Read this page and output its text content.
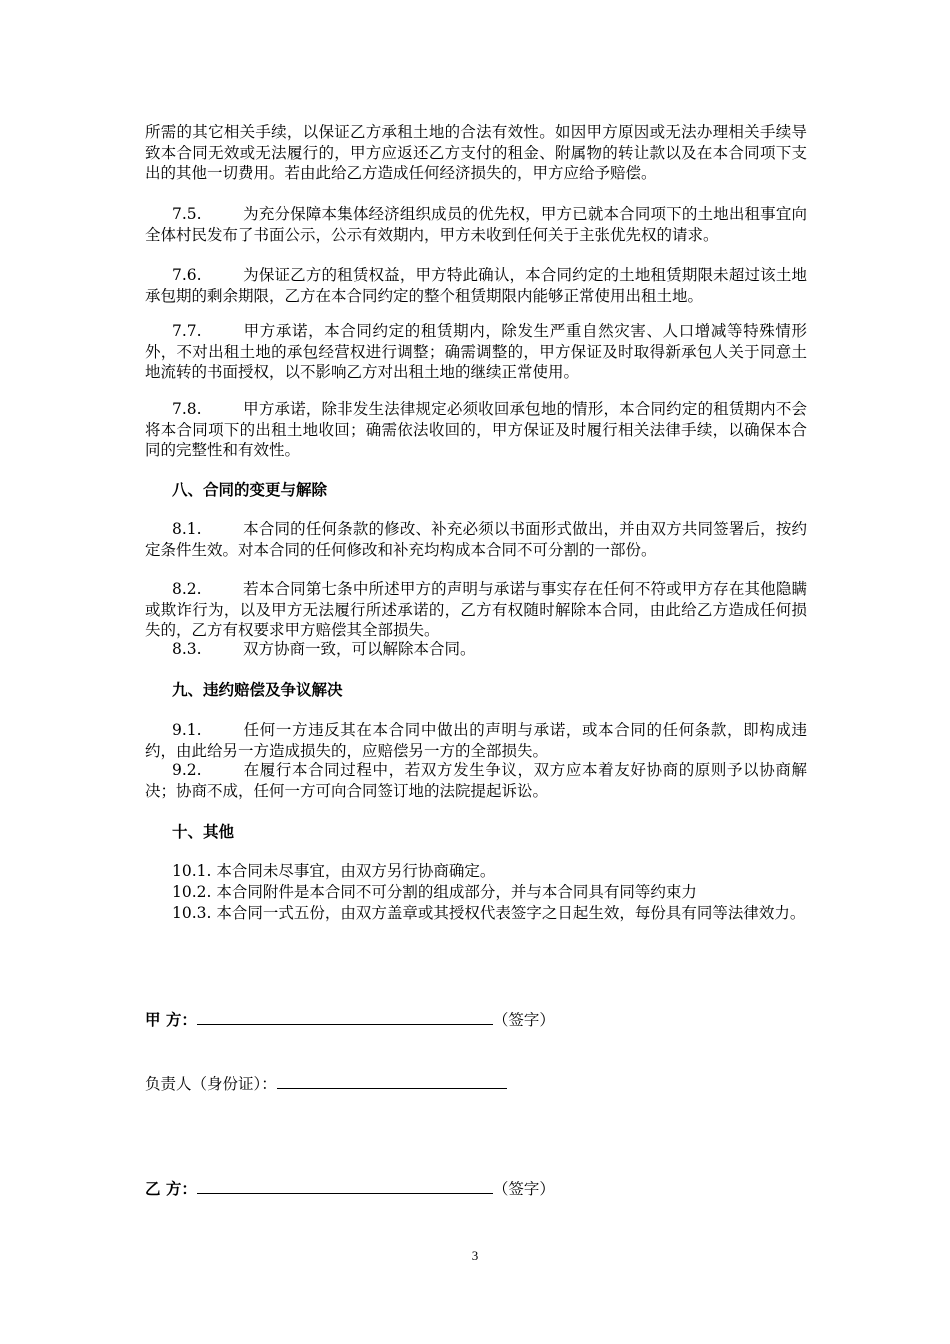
所需的其它相关手续，以保证乙方承租土地的合法有效性。如因甲方原因或无法办理相关手续导致本合同无效或无法履行的，甲方应返还乙方支付的租金、附属物的转让款以及在本合同项下支出的其他一切费用。若由此给乙方造成任何经济损失的，甲方应给予赔偿。

7.5.	为充分保障本集体经济组织成员的优先权，甲方已就本合同项下的土地出租事宜向全体村民发布了书面公示，公示有效期内，甲方未收到任何关于主张优先权的请求。

7.6.	为保证乙方的租赁权益，甲方特此确认，本合同约定的土地租赁期限未超过该土地承包期的剩余期限，乙方在本合同约定的整个租赁期限内能够正常使用出租土地。

7.7.	甲方承诺，本合同约定的租赁期内，除发生严重自然灾害、人口增减等特殊情形外，不对出租土地的承包经营权进行调整；确需调整的，甲方保证及时取得新承包人关于同意土地流转的书面授权，以不影响乙方对出租土地的继续正常使用。

7.8.	甲方承诺，除非发生法律规定必须收回承包地的情形，本合同约定的租赁期内不会将本合同项下的出租土地收回；确需依法收回的，甲方保证及时履行相关法律手续，以确保本合同的完整性和有效性。

八、合同的变更与解除

8.1.	本合同的任何条款的修改、补充必须以书面形式做出，并由双方共同签署后，按约定条件生效。对本合同的任何修改和补充均构成本合同不可分割的一部份。

8.2.	若本合同第七条中所述甲方的声明与承诺与事实存在任何不符或甲方存在其他隐瞒或欺诈行为，以及甲方无法履行所述承诺的，乙方有权随时解除本合同，由此给乙方造成任何损失的，乙方有权要求甲方赔偿其全部损失。

8.3.	双方协商一致，可以解除本合同。

九、违约赔偿及争议解决

9.1.	任何一方违反其在本合同中做出的声明与承诺，或本合同的任何条款，即构成违约，由此给另一方造成损失的，应赔偿另一方的全部损失。

9.2.	在履行本合同过程中，若双方发生争议，双方应本着友好协商的原则予以协商解决；协商不成，任何一方可向合同签订地的法院提起诉讼。

十、其他

10.1. 本合同未尽事宜，由双方另行协商确定。

10.2. 本合同附件是本合同不可分割的组成部分，并与本合同具有同等约束力

10.3. 本合同一式五份，由双方盖章或其授权代表签字之日起生效，每份具有同等法律效力。

甲 方：	（签字）

负责人（身份证）：

乙 方：	（签字）

3
